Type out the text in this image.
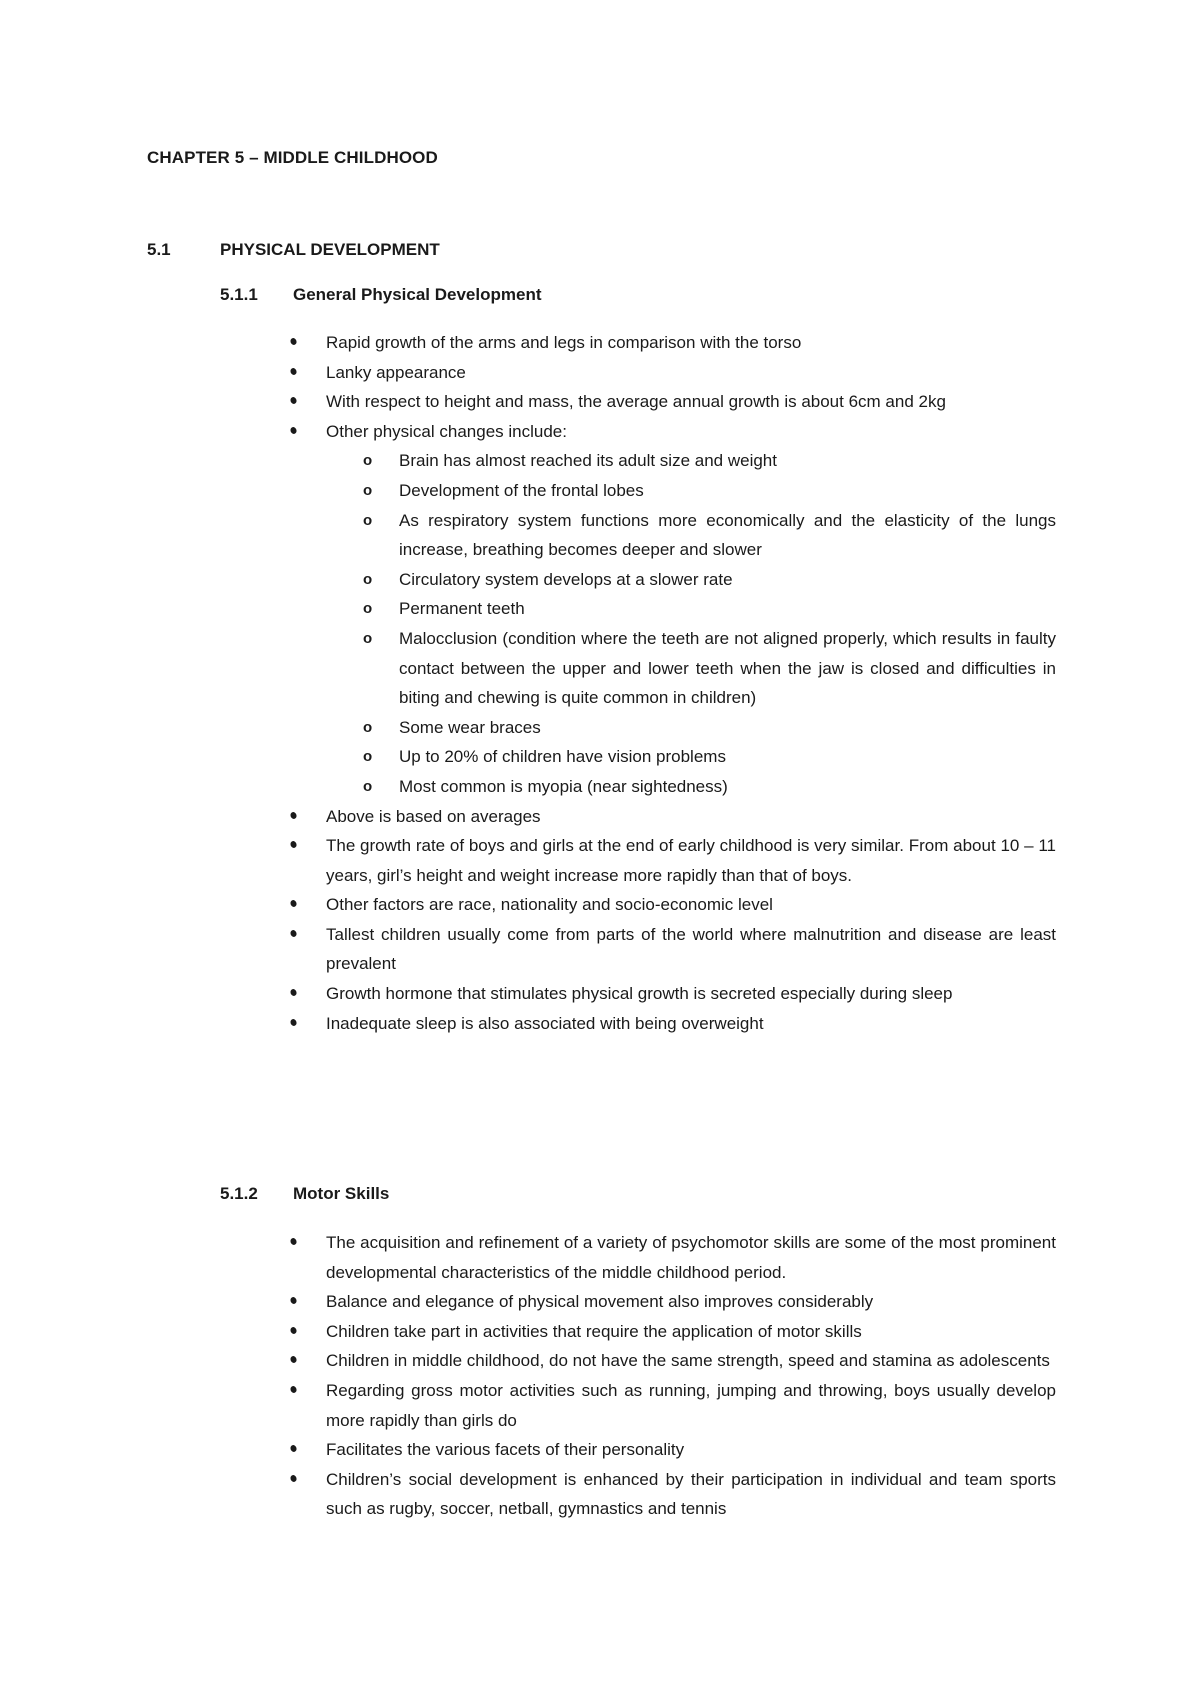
CHAPTER 5 – MIDDLE CHILDHOOD
5.1	PHYSICAL DEVELOPMENT
5.1.1	General Physical Development
Rapid growth of the arms and legs in comparison with the torso
Lanky appearance
With respect to height and mass, the average annual growth is about 6cm and 2kg
Other physical changes include:
o Brain has almost reached its adult size and weight
o Development of the frontal lobes
o As respiratory system functions more economically and the elasticity of the lungs increase, breathing becomes deeper and slower
o Circulatory system develops at a slower rate
o Permanent teeth
o Malocclusion (condition where the teeth are not aligned properly, which results in faulty contact between the upper and lower teeth when the jaw is closed and difficulties in biting and chewing is quite common in children)
o Some wear braces
o Up to 20% of children have vision problems
o Most common is myopia (near sightedness)
Above is based on averages
The growth rate of boys and girls at the end of early childhood is very similar. From about 10 – 11 years, girl’s height and weight increase more rapidly than that of boys.
Other factors are race, nationality and socio-economic level
Tallest children usually come from parts of the world where malnutrition and disease are least prevalent
Growth hormone that stimulates physical growth is secreted especially during sleep
Inadequate sleep is also associated with being overweight
5.1.2	Motor Skills
The acquisition and refinement of a variety of psychomotor skills are some of the most prominent developmental characteristics of the middle childhood period.
Balance and elegance of physical movement also improves considerably
Children take part in activities that require the application of motor skills
Children in middle childhood, do not have the same strength, speed and stamina as adolescents
Regarding gross motor activities such as running, jumping and throwing, boys usually develop more rapidly than girls do
Facilitates the various facets of their personality
Children’s social development is enhanced by their participation in individual and team sports such as rugby, soccer, netball, gymnastics and tennis
